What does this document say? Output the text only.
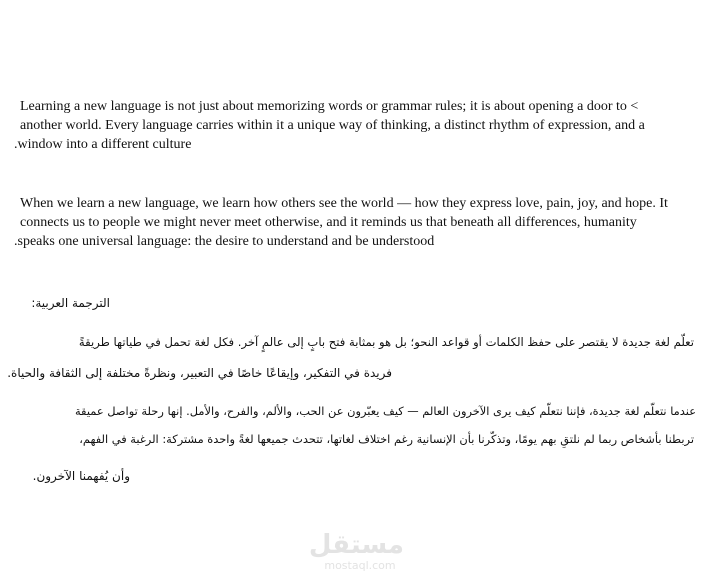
Learning a new language is not just about memorizing words or grammar rules; it is about opening a door to <
another world. Every language carries within it a unique way of thinking, a distinct rhythm of expression, and a
.window into a different culture
When we learn a new language, we learn how others see the world — how they express love, pain, joy, and hope. It
connects us to people we might never meet otherwise, and it reminds us that beneath all differences, humanity
.speaks one universal language: the desire to understand and be understood
الترجمة العربية:
تعلّم لغة جديدة لا يقتصر على حفظ الكلمات أو قواعد النحو؛ بل هو بمثابة فتح بابٍ إلى عالمٍ آخر. فكل لغة تحمل في طياتها طريقةً
فريدة في التفكير، وإيقاعًا خاصًا في التعبير، ونظرةً مختلفة إلى الثقافة والحياة.
عندما نتعلّم لغة جديدة، فإننا نتعلّم كيف يرى الآخرون العالم — كيف يعبّرون عن الحب، والألم، والفرح، والأمل. إنها رحلة تواصل عميقة
تربطنا بأشخاص ربما لم نلتقِ بهم يومًا، وتذكّرنا بأن الإنسانية رغم اختلاف لغاتها، تتحدث جميعها لغةً واحدة مشتركة: الرغبة في الفهم،
وأن يُفهمنا الآخرون.
مستقل
mostaql.com
